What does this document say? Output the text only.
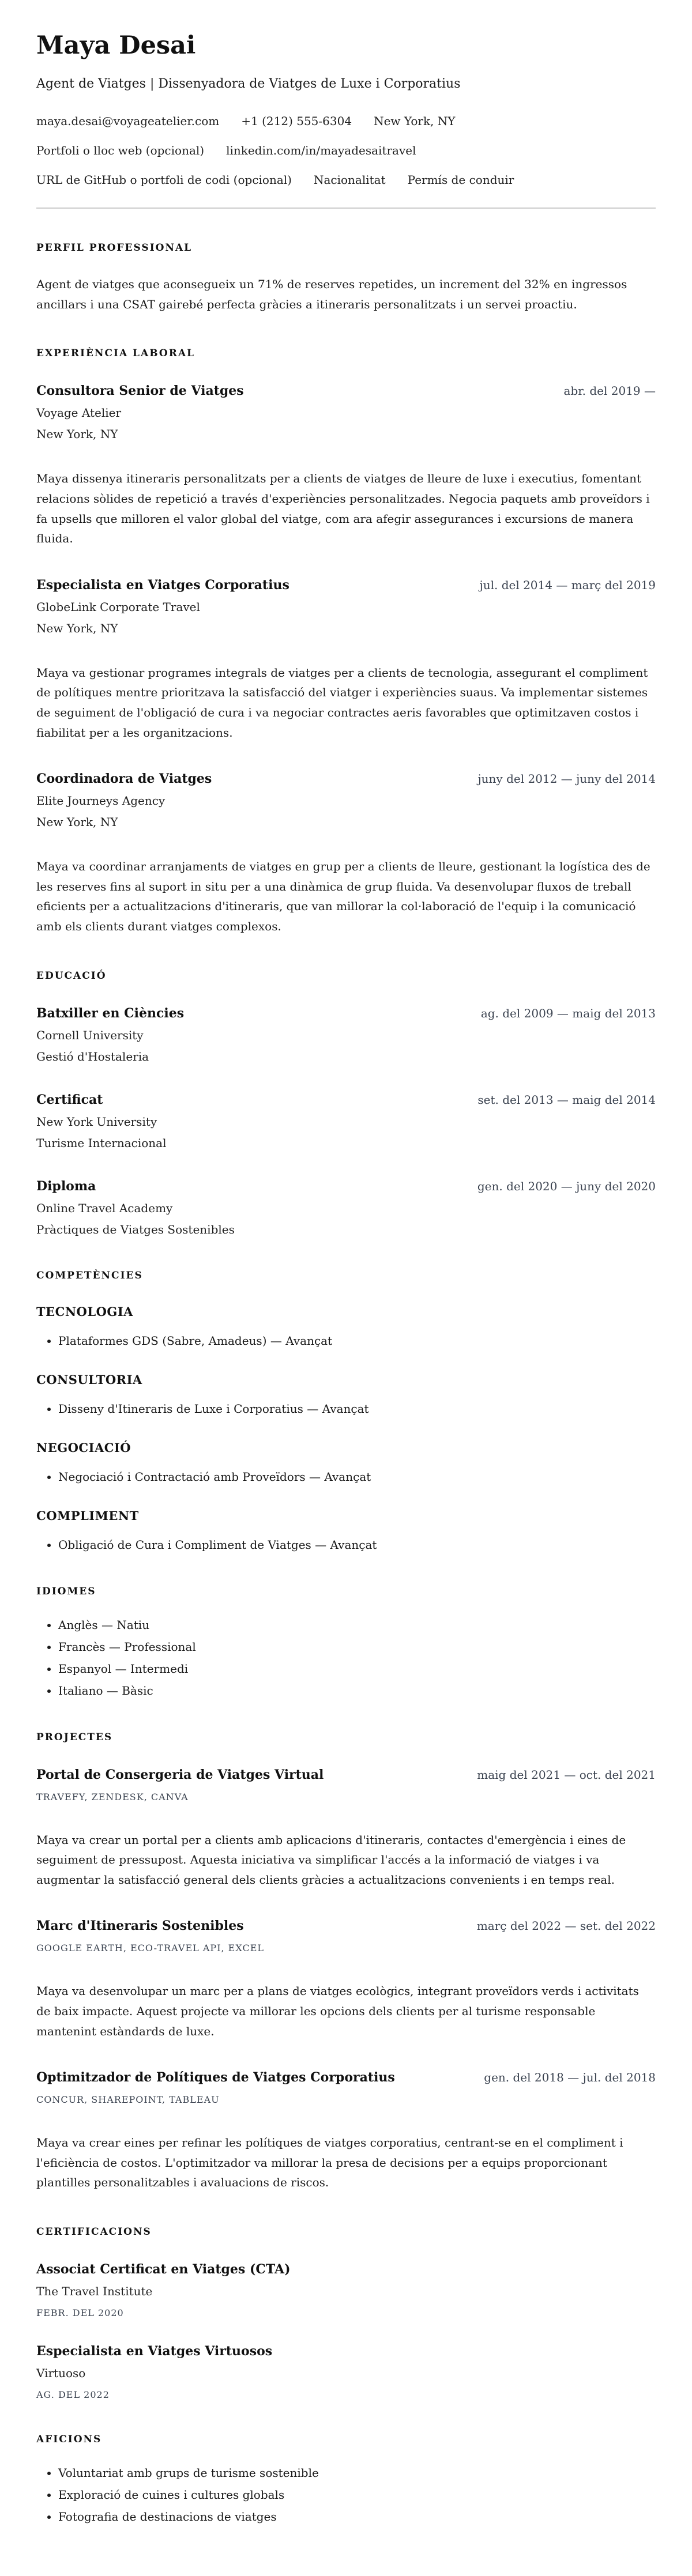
Maya Desai

Agent de Viatges | Dissenyadora de Viatges de Luxe i Corporatius

maya.desai@voyageatelier.com +1 (212) 555-6304 New York, NY
Portfoli o lloc web (opcional) linkedin.com/in/mayadesaitravel
URL de GitHub o portfoli de codi (opcional) Nacionalitat Permís de conduir
PERFIL PROFESSIONAL

Agent de viatges que aconsegueix un 71% de reserves repetides, un increment del 32% en ingressos ancillars i una CSAT gairebé perfecta gràcies a itineraris personalitzats i un servei proactiu.

EXPERIÈNCIA LABORAL
Consultora Senior de Viatges	abr. del 2019 —

Voyage Atelier

New York, NY

Maya dissenya itineraris personalitzats per a clients de viatges de lleure de luxe i executius, fomentant relacions sòlides de repetició a través d'experiències personalitzades. Negocia paquets amb proveïdors i fa upsells que milloren el valor global del viatge, com ara afegir assegurances i excursions de manera fluida.

Especialista en Viatges Corporatius	jul. del 2014 — març del 2019

GlobeLink Corporate Travel

New York, NY

Maya va gestionar programes integrals de viatges per a clients de tecnologia, assegurant el compliment de polítiques mentre prioritzava la satisfacció del viatger i experiències suaus. Va implementar sistemes de seguiment de l'obligació de cura i va negociar contractes aeris favorables que optimitzaven costos i fiabilitat per a les organitzacions.

Coordinadora de Viatges	juny del 2012 — juny del 2014

Elite Journeys Agency

New York, NY

Maya va coordinar arranjaments de viatges en grup per a clients de lleure, gestionant la logística des de les reserves fins al suport in situ per a una dinàmica de grup fluida. Va desenvolupar fluxos de treball eficients per a actualitzacions d'itineraris, que van millorar la col·laboració de l'equip i la comunicació amb els clients durant viatges complexos.

EDUCACIÓ
Batxiller en Ciències	ag. del 2009 — maig del 2013

Cornell University

Gestió d'Hostaleria

Certificat	set. del 2013 — maig del 2014

New York University

Turisme Internacional

Diploma	gen. del 2020 — juny del 2020

Online Travel Academy

Pràctiques de Viatges Sostenibles

COMPETÈNCIES
TECNOLOGIA
• Plataformes GDS (Sabre, Amadeus) — Avançat
CONSULTORIA
• Disseny d'Itineraris de Luxe i Corporatius — Avançat
NEGOCIACIÓ
• Negociació i Contractació amb Proveïdors — Avançat
COMPLIMENT
• Obligació de Cura i Compliment de Viatges — Avançat
IDIOMES
• Anglès — Natiu
• Francès — Professional
• Espanyol — Intermedi
• Italiano — Bàsic
PROJECTES
Portal de Consergeria de Viatges Virtual	maig del 2021 — oct. del 2021

TRAVEFY, ZENDESK, CANVA

Maya va crear un portal per a clients amb aplicacions d'itineraris, contactes d'emergència i eines de seguiment de pressupost. Aquesta iniciativa va simplificar l'accés a la informació de viatges i va augmentar la satisfacció general dels clients gràcies a actualitzacions convenients i en temps real.

Marc d'Itineraris Sostenibles	març del 2022 — set. del 2022

GOOGLE EARTH, ECO-TRAVEL API, EXCEL

Maya va desenvolupar un marc per a plans de viatges ecològics, integrant proveïdors verds i activitats de baix impacte. Aquest projecte va millorar les opcions dels clients per al turisme responsable mantenint estàndards de luxe.

Optimitzador de Polítiques de Viatges Corporatius	gen. del 2018 — jul. del 2018

CONCUR, SHAREPOINT, TABLEAU

Maya va crear eines per refinar les polítiques de viatges corporatius, centrant-se en el compliment i l'eficiència de costos. L'optimitzador va millorar la presa de decisions per a equips proporcionant plantilles personalitzables i avaluacions de riscos.

CERTIFICACIONS
Associat Certificat en Viatges (CTA)

The Travel Institute

FEBR. DEL 2020

Especialista en Viatges Virtuosos

Virtuoso

AG. DEL 2022

AFICIONS
• Voluntariat amb grups de turisme sostenible
• Exploració de cuines i cultures globals
• Fotografia de destinacions de viatges
